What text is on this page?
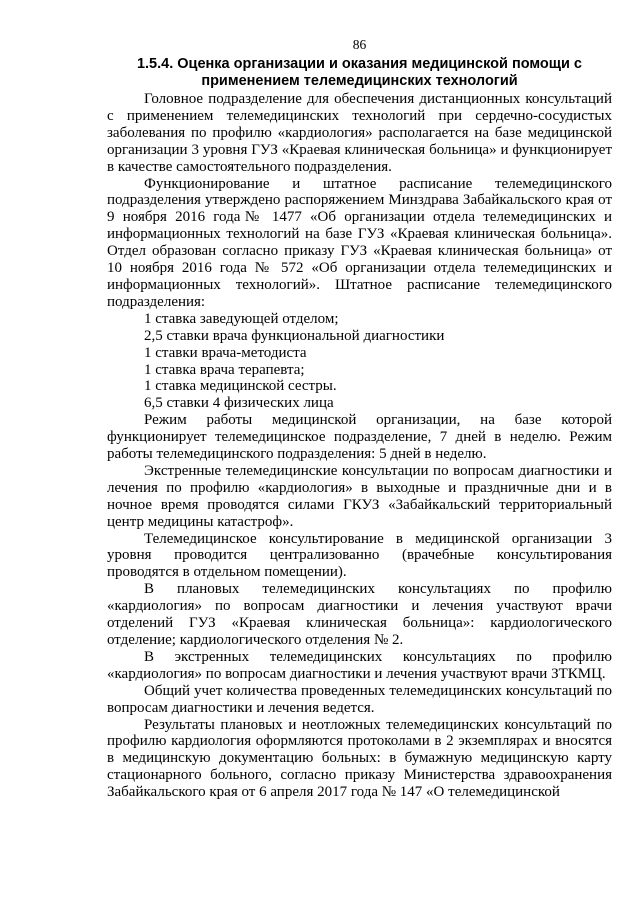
86
1.5.4. Оценка организации и оказания медицинской помощи с
применением телемедицинских технологий

Головное подразделение для обеспечения дистанционных консультаций с применением телемедицинских технологий при сердечно-сосудистых заболевания по профилю «кардиология» располагается на базе медицинской организации 3 уровня ГУЗ «Краевая клиническая больница» и функционирует в качестве самостоятельного подразделения.

Функционирование и штатное расписание телемедицинского подразделения утверждено распоряжением Минздрава Забайкальского края от 9 ноября 2016 года№ 1477 «Об организации отдела телемедицинских и информационных технологий на базе ГУЗ «Краевая клиническая больница». Отдел образован согласно приказу ГУЗ «Краевая клиническая больница» от 10 ноября 2016 года № 572 «Об организации отдела телемедицинских и информационных технологий». Штатное расписание телемедицинского подразделения:

1 ставка заведующей отделом;

2,5 ставки врача функциональной диагностики

1 ставки врача-методиста

1 ставка врача терапевта;

1 ставка медицинской сестры.

6,5 ставки 4 физических лица

Режим работы медицинской организации, на базе которой функционирует телемедицинское подразделение, 7 дней в неделю. Режим работы телемедицинского подразделения: 5 дней в неделю.

Экстренные телемедицинские консультации по вопросам диагностики и лечения по профилю «кардиология» в выходные и праздничные дни и в ночное время проводятся силами ГКУЗ «Забайкальский территориальный центр медицины катастроф».

Телемедицинское консультирование в медицинской организации 3 уровня проводится централизованно (врачебные консультирования проводятся в отдельном помещении).

В плановых телемедицинских консультациях по профилю «кардиология» по вопросам диагностики и лечения участвуют врачи отделений ГУЗ «Краевая клиническая больница»: кардиологического отделение; кардиологического отделения № 2.

В экстренных телемедицинских консультациях по профилю «кардиология» по вопросам диагностики и лечения участвуют врачи ЗТКМЦ.

Общий учет количества проведенных телемедицинских консультаций по вопросам диагностики и лечения ведется.

Результаты плановых и неотложных телемедицинских консультаций по профилю кардиология оформляются протоколами в 2 экземплярах и вносятся в медицинскую документацию больных: в бумажную медицинскую карту стационарного больного, согласно приказу Министерства здравоохранения Забайкальского края от 6 апреля 2017 года № 147 «О телемедицинской
